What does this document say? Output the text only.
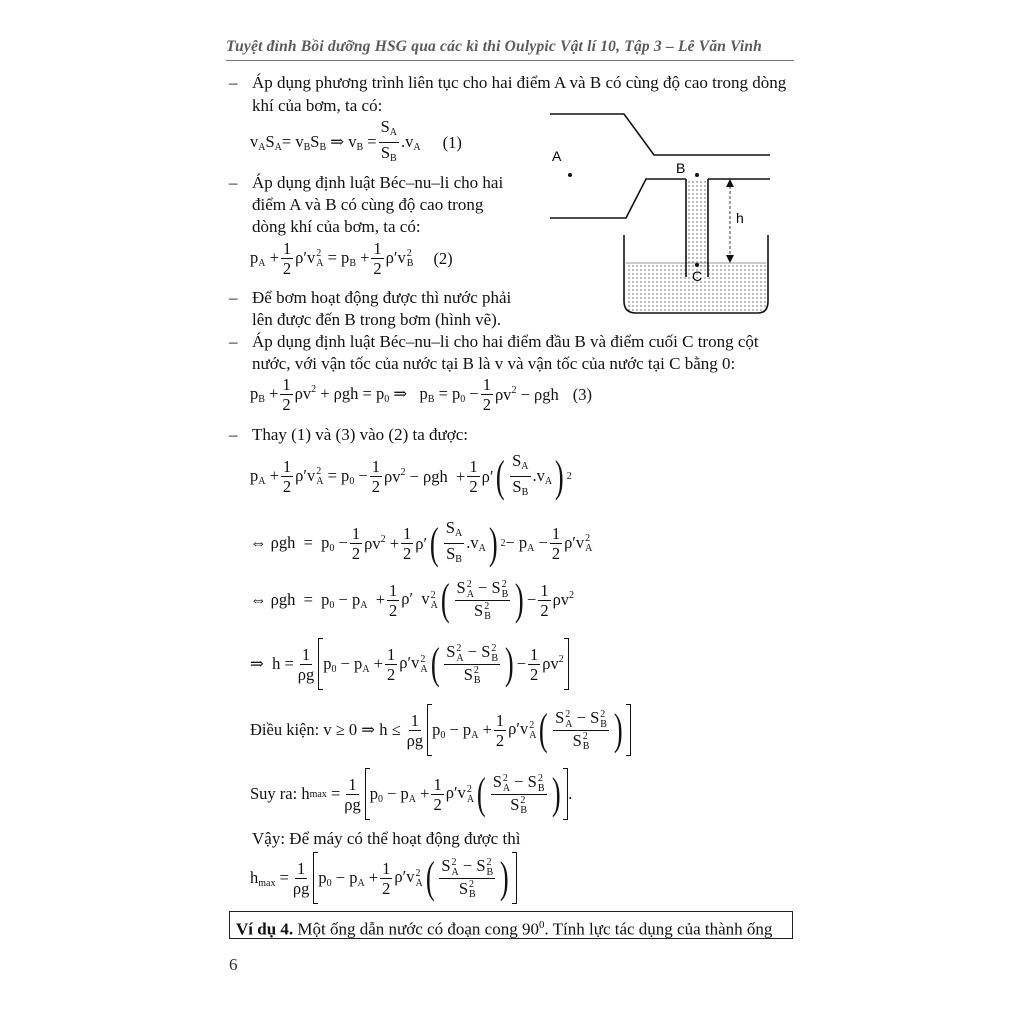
Tuyệt đỉnh Bồi dưỡng HSG qua các kì thi Oulypic Vật lí 10, Tập 3 – Lê Văn Vinh
– Áp dụng phương trình liên tục cho hai điểm A và B có cùng độ cao trong dòng
khí của bơm, ta có:
$v_AS_A= v_BS_B$ ⇒ $v_B = \frac{S_A}{S_B} .v_A$ (1)
– Áp dụng định luật Béc–nu–li cho hai
điểm A và B có cùng độ cao trong
dòng khí của bơm, ta có:
$p_A + \frac{1}{2} \rho'v$ 2
$A = p_B + \frac{1}{2} \rho'v$ 2
B (2)
– Để bơm hoạt động được thì nước phải
lên được đến B trong bơm (hình vẽ).
– Áp dụng định luật Béc–nu–li cho hai điểm đầu B và điểm cuối C trong cột
nước, với vận tốc của nước tại B là v và vận tốc của nước tại C bằng 0:
$p_B + \frac{1}{2} \rho v^2 + \rho gh = p_0$ ⇒   $p_B = p_0 - \frac{1}{2} \rho v^2 - \rho gh$ (3)
– Thay (1) và (3) vào (2) ta được:
$p_A + \frac{1}{2} \rho'v$ 2
$A = p_0 - \frac{1}{2} \rho v^2 - \rho gh + \frac{1}{2} \rho'$ ( $\frac{S_A}{S_B} .v_A$ ) 2
⇔ $\rho gh = p_0 - \frac{1}{2} \rho v^2 + \frac{1}{2} \rho'$ ( $\frac{S_A}{S_B} .v_A$ ) $2 - p_A - \frac{1}{2} \rho'v$ 2
A
⇔ $\rho gh = p_0 - p_A + \frac{1}{2} \rho'$  v 2
A ( S 2
A − S 2
B
S 2
B ) − $\frac{1}{2} \rho v^2$
⇒  $h = \frac{1}{\rho g} p_0 - p_A + \frac{1}{2} \rho'v$ 2
A ( S 2
A − S 2
B
S 2
B ) − $\frac{1}{2} \rho v^2$
Điều kiện: v ≥ 0 ⇒ $h \le \frac{1}{\rho g} p_0 - p_A + \frac{1}{2} \rho'v$ 2
A ( S 2
A − S 2
B
S 2
B )
Suy ra: h $\max = \frac{1}{\rho g} p_0 - p_A + \frac{1}{2} \rho'v$ 2
A ( S 2
A − S 2
B
S 2
B ) .
Vậy: Để máy có thể hoạt động được thì
$h_{max} = \frac{1}{\rho g} p_0 - p_A + \frac{1}{2} \rho'v$ 2
A ( S 2
A − S 2
B
S 2
B )
Ví dụ 4. Một ống dẫn nước có đoạn cong $90^0$. Tính lực tác dụng của thành ống
6
A
B
C
h
